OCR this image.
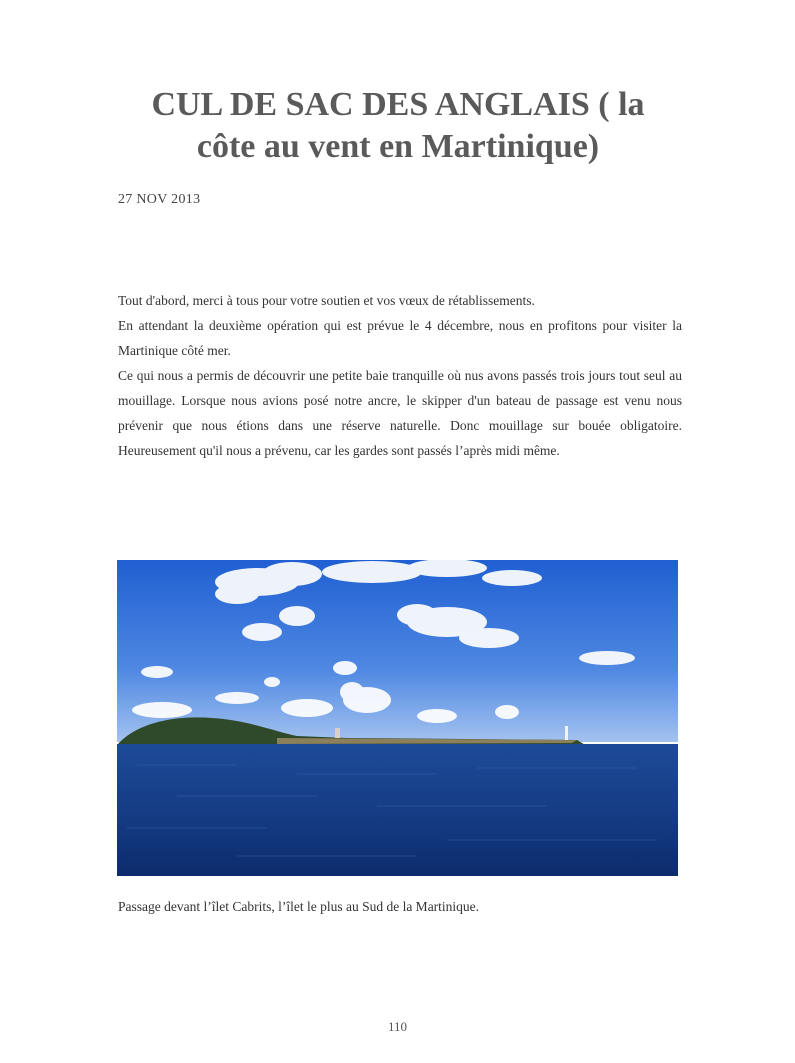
CUL DE SAC DES ANGLAIS ( la
côte au vent en Martinique)
27 NOV 2013

Tout d'abord, merci à tous pour votre soutien et vos vœux de rétablissements.

En attendant la deuxième opération qui est prévue le 4 décembre, nous en profitons pour visiter la Martinique côté mer.

Ce qui nous a permis de découvrir une petite baie tranquille où nus avons passés trois jours tout seul au mouillage. Lorsque nous avions posé notre ancre, le skipper d'un bateau de passage est venu nous prévenir que nous étions dans une réserve naturelle. Donc mouillage sur bouée obligatoire. Heureusement qu'il nous a prévenu, car les gardes sont passés l’après midi même.

Passage devant l’îlet Cabrits, l’îlet le plus au Sud de la Martinique.
110
